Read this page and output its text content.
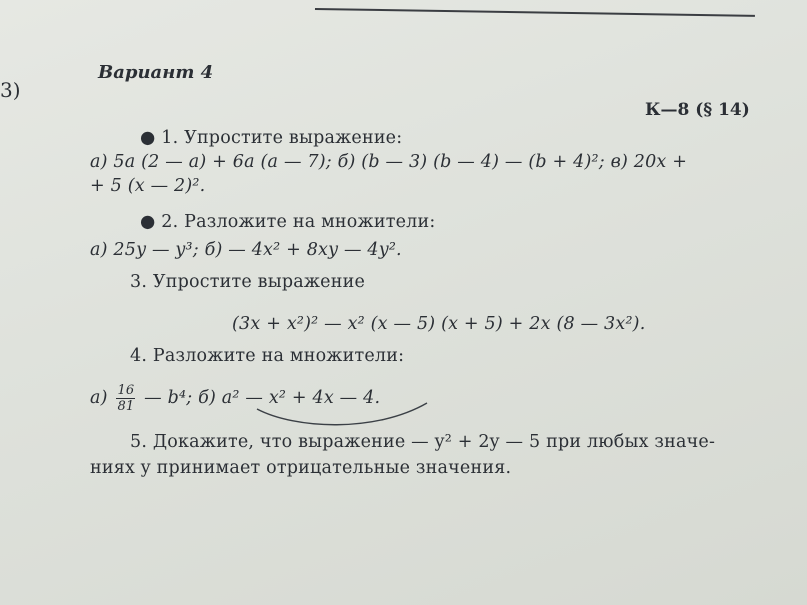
3)
Вариант 4
К—8 (§ 14)
● 1. Упростите выражение:
а) 5a (2 — a) + 6a (a — 7); б) (b — 3) (b — 4) — (b + 4)²; в) 20x +
+ 5 (x — 2)².
● 2. Разложите на множители:
а) 25y — y³; б) — 4x² + 8xy — 4y².
3. Упростите выражение
(3x + x²)² — x² (x — 5) (x + 5) + 2x (8 — 3x²).
4. Разложите на множители:
$а) \frac{16}{81}$ — b⁴; б) a² — x² + 4x — 4.
5. Докажите, что выражение — y² + 2y — 5 при любых значе-
ниях y принимает отрицательные значения.
